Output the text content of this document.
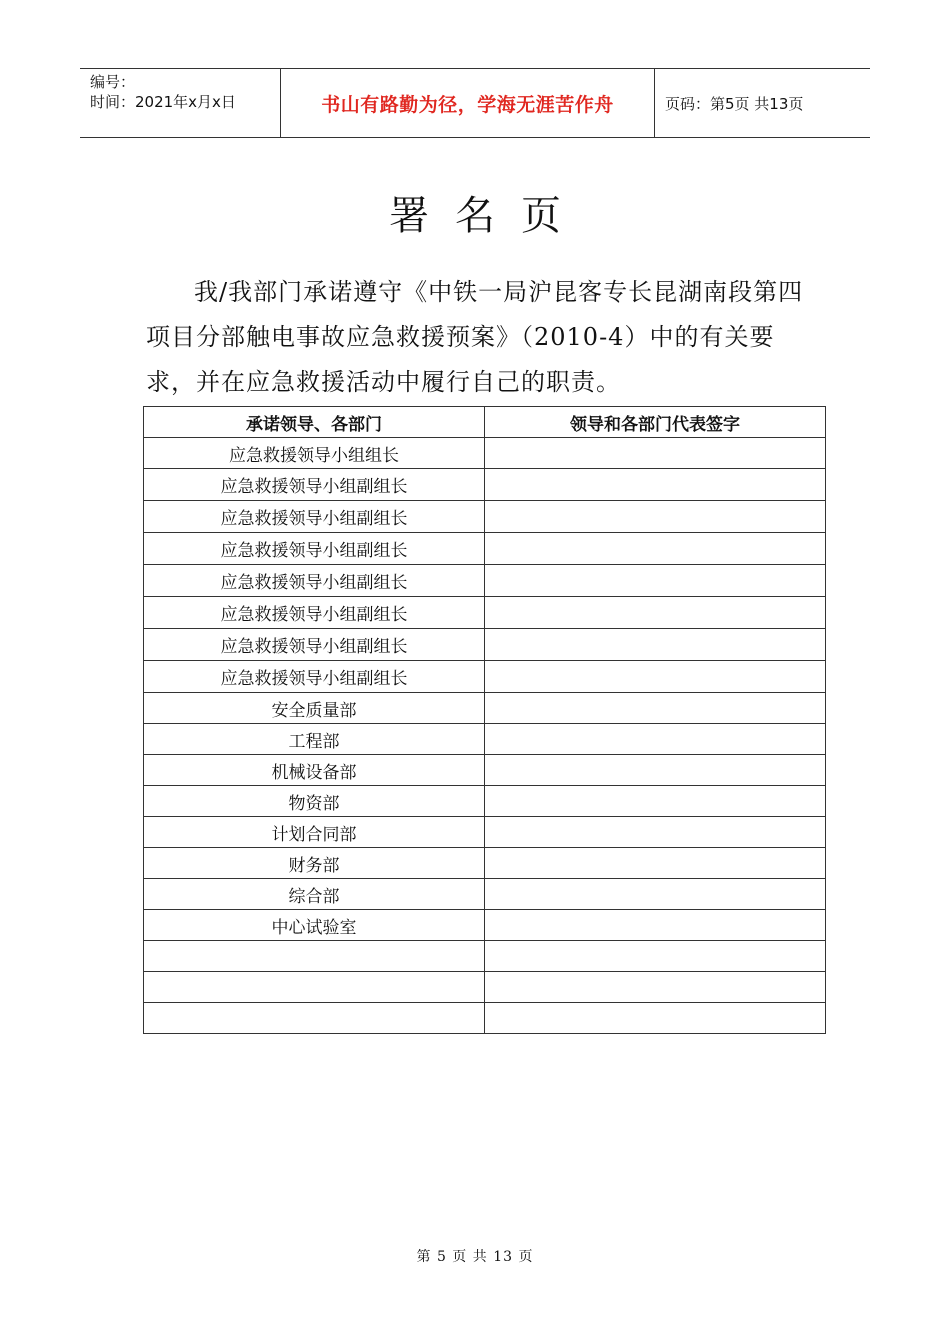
编号：
时间：2021年x月x日	书山有路勤为径，学海无涯苦作舟	页码：第5页 共13页
署名页
我/我部门承诺遵守《中铁一局沪昆客专长昆湖南段第四项目分部触电事故应急救援预案》（2010-4）中的有关要求，并在应急救援活动中履行自己的职责。
承诺领导、各部门	领导和各部门代表签字
应急救援领导小组组长	
应急救援领导小组副组长	
应急救援领导小组副组长	
应急救援领导小组副组长	
应急救援领导小组副组长	
应急救援领导小组副组长	
应急救援领导小组副组长	
应急救援领导小组副组长	
安全质量部	
工程部	
机械设备部	
物资部	
计划合同部	
财务部	
综合部	
中心试验室	

第 5 页 共 13 页
